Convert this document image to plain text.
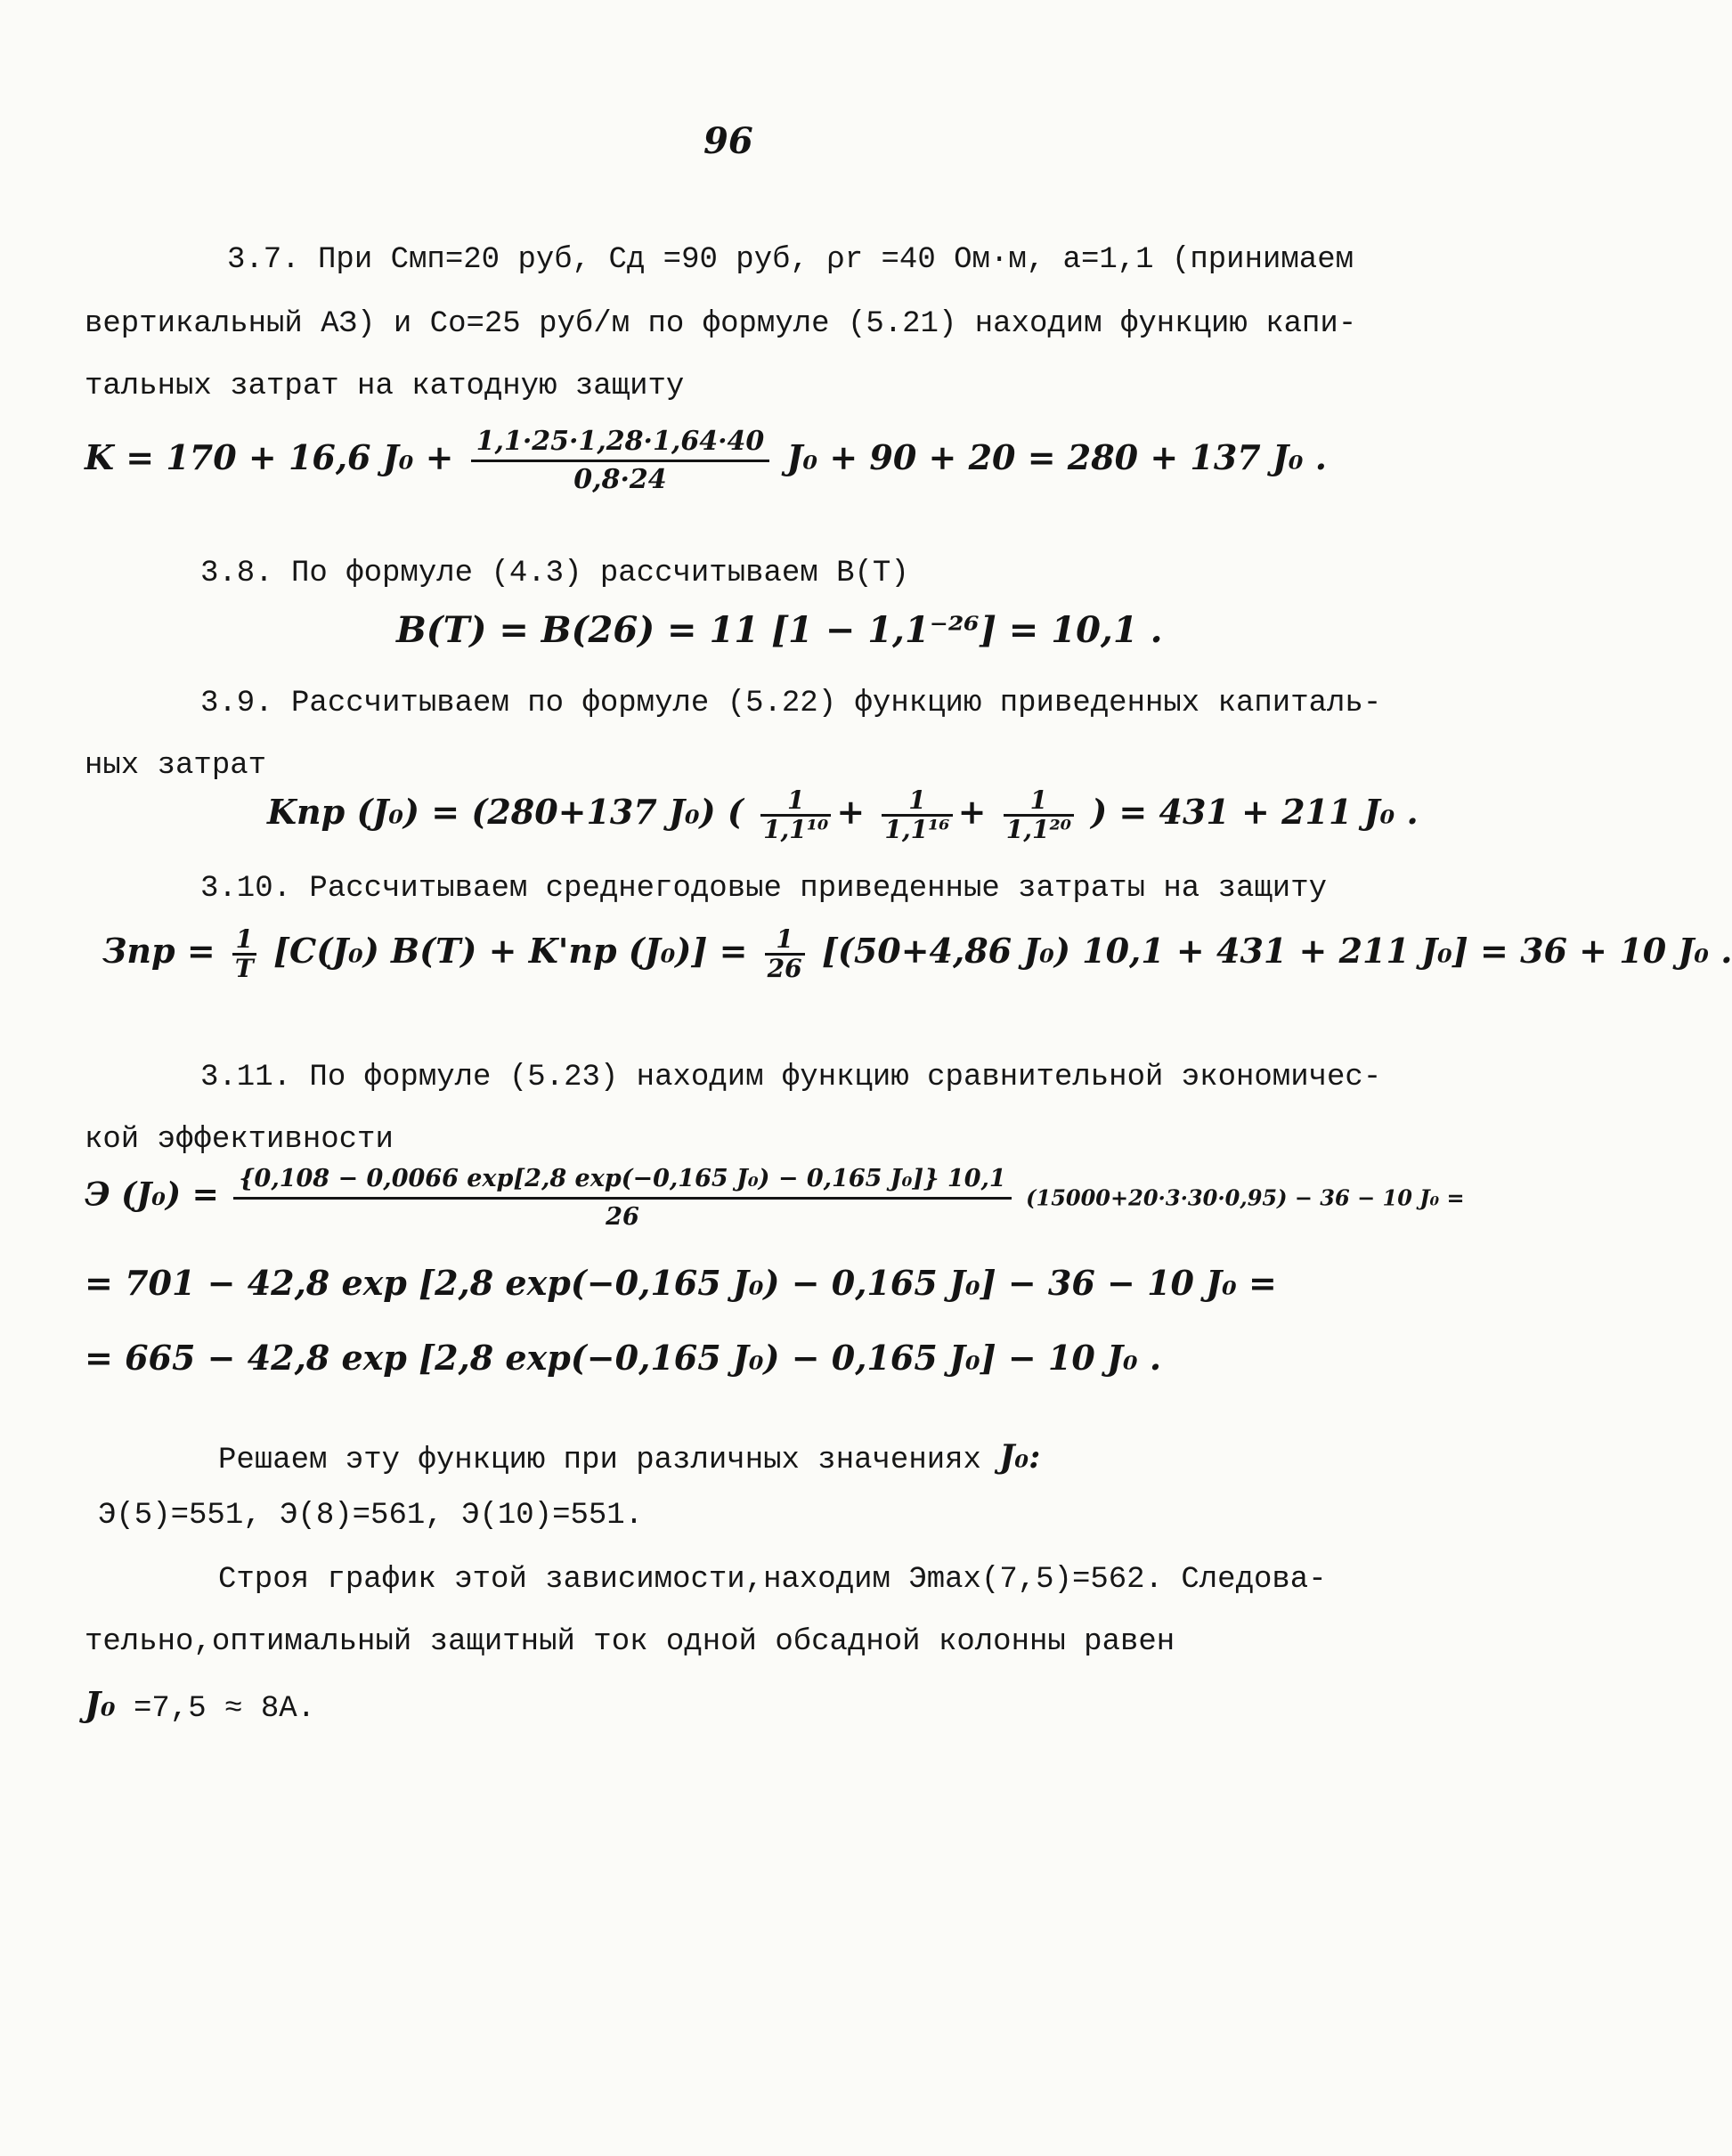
96
3.7. При Смп=20 руб, Сд =90 руб, ρr =40 Ом·м, а=1,1 (принимаем
вертикальный АЗ) и Со=25 руб/м по формуле (5.21) находим функцию капи-
тальных затрат на катодную защиту
K = 170 + 16,6 $J_0 + \frac{1,1\cdot 25\cdot 1,28\cdot 1,64\cdot 40}{0,8\cdot 24} J_0 + 90 + 20 = 280 + 137$ J₀ .
3.8. По формуле (4.3) рассчитываем B(T)
B(T) = B(26) = 11 [1 − 1,1⁻²⁶] = 10,1 .
3.9. Рассчитываем по формуле (5.22) функцию приведенных капиталь-
ных затрат
Kпр (J₀) = (280+137 J₀) ( $\frac{1}{\text{1,1¹⁰}} + \frac{1}{\text{1,1¹⁶}} + \frac{1}{\text{1,1²⁰}}$ ) = 431 + 211 J₀ .
3.10. Рассчитываем среднегодовые приведенные затраты на защиту
Зпр = $\frac{1}{T} [C(J_0) B(T) + K'пр$ $(J_0)] = \frac{1}{26} [(50+4,86$ J₀) 10,1 + 431 + 211 J₀] = 36 + 10 J₀ .
3.11. По формуле (5.23) находим функцию сравнительной экономичес-
кой эффективности
Э $(J_0) = \frac{\text{\{0,108 − 0,0066 exp[2,8 exp(−0,165 J₀) − 0,165 J₀]\} 10,1}}{26} (15000+20\cdot 3\cdot 30\cdot 0,95) - 36 - 10$ J₀ =
= 701 − 42,8 exp [2,8 exp(−0,165 J₀) − 0,165 J₀] − 36 − 10 J₀ =
= 665 − 42,8 exp [2,8 exp(−0,165 J₀) − 0,165 J₀] − 10 J₀ .
Решаем эту функцию при различных значениях J₀:
Э(5)=551, Э(8)=561, Э(10)=551.
Строя график этой зависимости,находим Эmax(7,5)=562. Следова-
тельно,оптимальный защитный ток одной обсадной колонны равен
J₀ =7,5 ≈ 8А.
